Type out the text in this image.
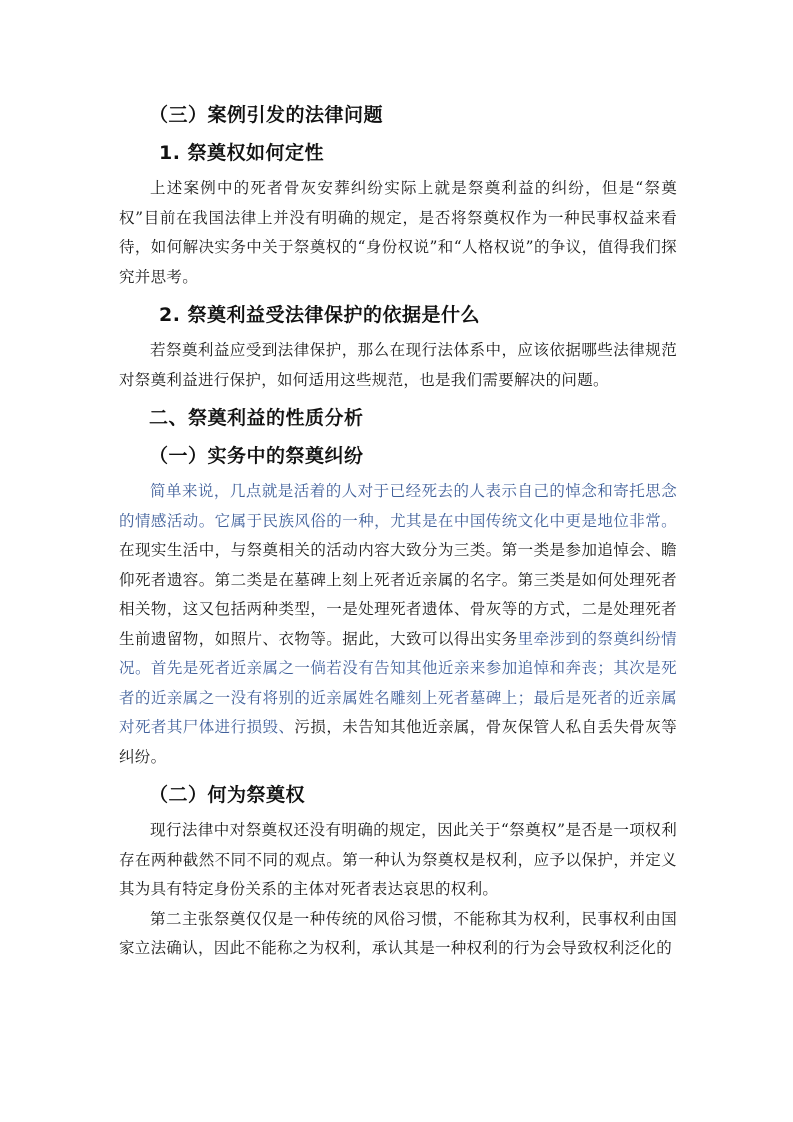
（三）案例引发的法律问题
1. 祭奠权如何定性

上述案例中的死者骨灰安葬纠纷实际上就是祭奠利益的纠纷，但是“祭奠权”目前在我国法律上并没有明确的规定，是否将祭奠权作为一种民事权益来看待，如何解决实务中关于祭奠权的“身份权说”和“人格权说”的争议，值得我们探究并思考。

2. 祭奠利益受法律保护的依据是什么

若祭奠利益应受到法律保护，那么在现行法体系中，应该依据哪些法律规范对祭奠利益进行保护，如何适用这些规范，也是我们需要解决的问题。

二、祭奠利益的性质分析
（一）实务中的祭奠纠纷

简单来说，几点就是活着的人对于已经死去的人表示自己的悼念和寄托思念的情感活动。它属于民族风俗的一种，尤其是在中国传统文化中更是地位非常。在现实生活中，与祭奠相关的活动内容大致分为三类。第一类是参加追悼会、瞻仰死者遗容。第二类是在墓碑上刻上死者近亲属的名字。第三类是如何处理死者相关物，这又包括两种类型，一是处理死者遗体、骨灰等的方式，二是处理死者生前遗留物，如照片、衣物等。据此，大致可以得出实务里牵涉到的祭奠纠纷情况。首先是死者近亲属之一倘若没有告知其他近亲来参加追悼和奔丧；其次是死者的近亲属之一没有将别的近亲属姓名雕刻上死者墓碑上；最后是死者的近亲属对死者其尸体进行损毁、污损，未告知其他近亲属，骨灰保管人私自丢失骨灰等纠纷。

（二）何为祭奠权

现行法律中对祭奠权还没有明确的规定，因此关于“祭奠权”是否是一项权利存在两种截然不同不同的观点。第一种认为祭奠权是权利，应予以保护，并定义其为具有特定身份关系的主体对死者表达哀思的权利。

第二主张祭奠仅仅是一种传统的风俗习惯，不能称其为权利，民事权利由国家立法确认，因此不能称之为权利，承认其是一种权利的行为会导致权利泛化的
